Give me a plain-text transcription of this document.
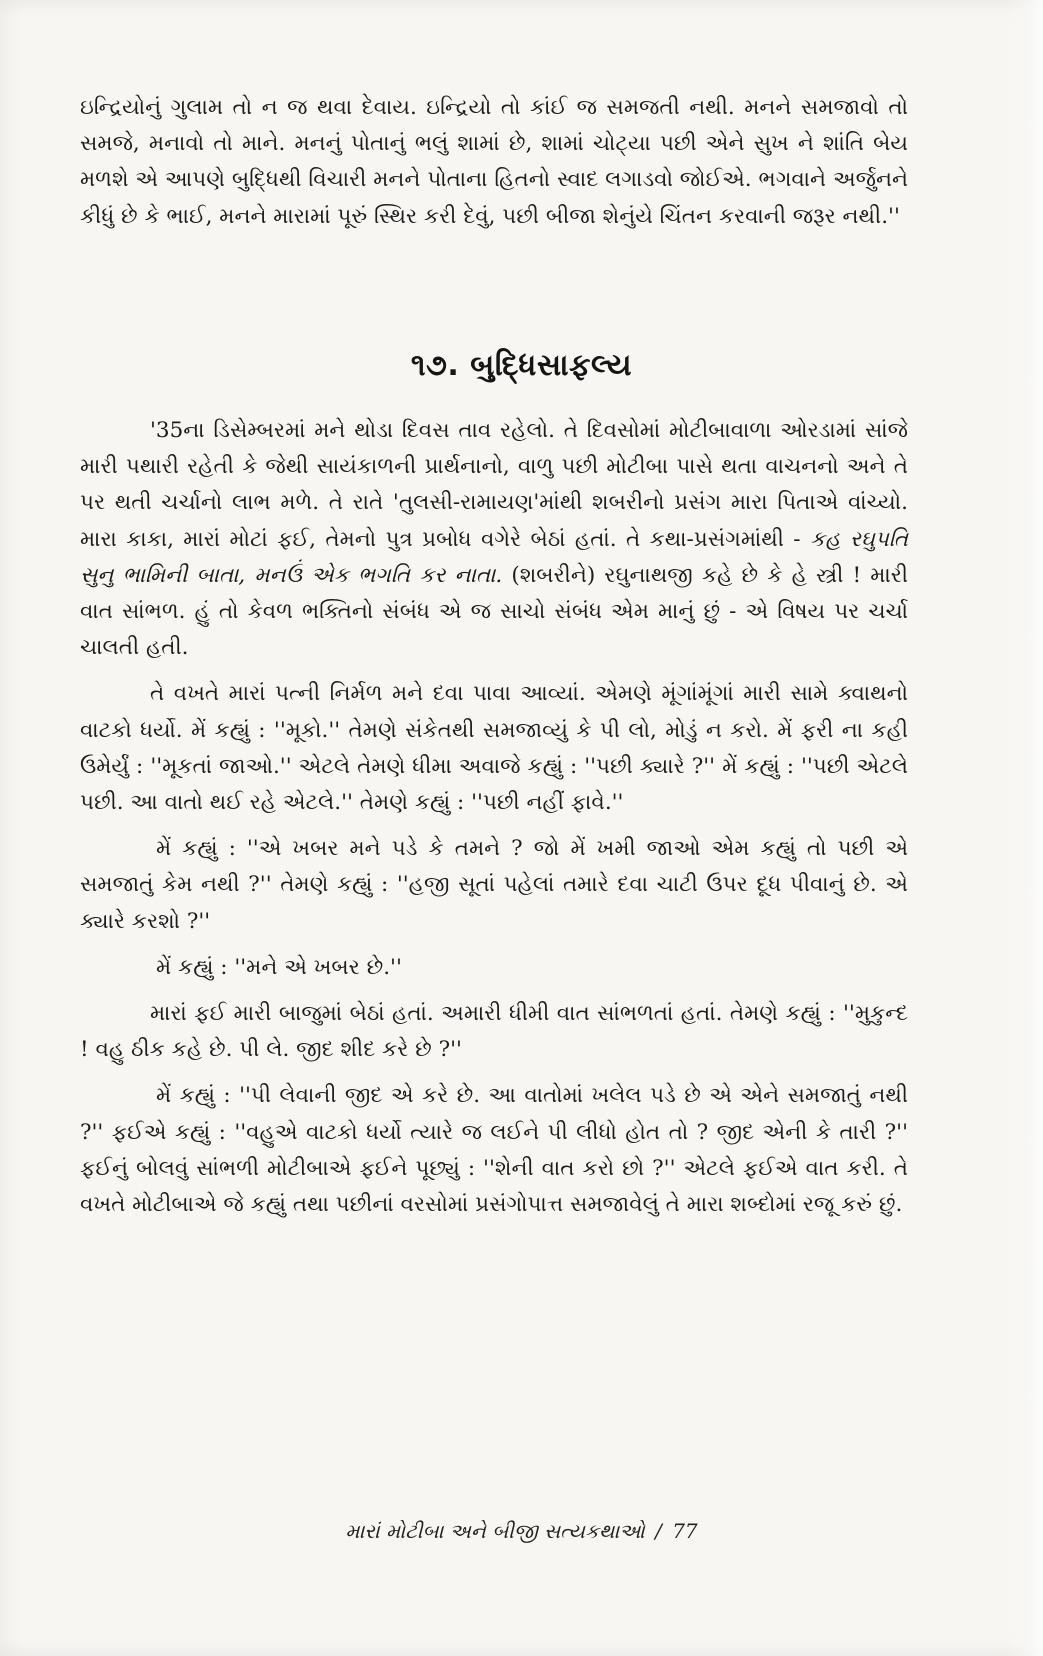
ઇન્દ્રિયોનું ગુલામ તો ન જ થવા દેવાય. ઇન્દ્રિયો તો કાંઈ જ સમજતી નથી. મનને સમજાવો તો સમજે, મનાવો તો માને. મનનું પોતાનું ભલું શામાં છે, શામાં ચોટ્યા પછી એને સુખ ને શાંતિ બેય મળશે એ આપણે બુદ્ધિથી વિચારી મનને પોતાના હિતનો સ્વાદ લગાડવો જોઈએ. ભગવાને અર્જુનને કીધું છે કે ભાઈ, મનને મારામાં પૂરું સ્થિર કરી દેવું, પછી બીજા શેનુંયે ચિંતન કરવાની જરૂર નથી.''

૧૭. બુદ્ધિસાફલ્ય

'35ના ડિસેમ્બરમાં મને થોડા દિવસ તાવ રહેલો. તે દિવસોમાં મોટીબાવાળા ઓરડામાં સાંજે મારી પથારી રહેતી કે જેથી સાયંકાળની પ્રાર્થનાનો, વાળુ પછી મોટીબા પાસે થતા વાચનનો અને તે પર થતી ચર્ચાનો લાભ મળે. તે રાતે 'તુલસી-રામાયણ'માંથી શબરીનો પ્રસંગ મારા પિતાએ વાંચ્યો. મારા કાકા, મારાં મોટાં ફઈ, તેમનો પુત્ર પ્રબોધ વગેરે બેઠાં હતાં. તે કથા-પ્રસંગમાંથી - કહ રઘુપતિ સુનુ ભામિની બાતા, મનઉં એક ભગતિ કર નાતા. (શબરીને) રઘુનાથજી કહે છે કે હે સ્ત્રી ! મારી વાત સાંભળ. હું તો કેવળ ભક્તિનો સંબંધ એ જ સાચો સંબંધ એમ માનું છું - એ વિષય પર ચર્ચા ચાલતી હતી.

તે વખતે મારાં પત્ની નિર્મળ મને દવા પાવા આવ્યાં. એમણે મૂંગાંમૂંગાં મારી સામે ક્વાથનો વાટકો ધર્યો. મેં કહ્યું : ''મૂકો.'' તેમણે સંકેતથી સમજાવ્યું કે પી લો, મોડું ન કરો. મેં ફરી ના કહી ઉમેર્યું : ''મૂકતાં જાઓ.'' એટલે તેમણે ધીમા અવાજે કહ્યું : ''પછી ક્યારે ?'' મેં કહ્યું : ''પછી એટલે પછી. આ વાતો થઈ રહે એટલે.'' તેમણે કહ્યું : ''પછી નહીં ફાવે.''

મેં કહ્યું : ''એ ખબર મને પડે કે તમને ? જો મેં ખમી જાઓ એમ કહ્યું તો પછી એ સમજાતું કેમ નથી ?'' તેમણે કહ્યું : ''હજી સૂતાં પહેલાં તમારે દવા ચાટી ઉપર દૂધ પીવાનું છે. એ ક્યારે કરશો ?''

મેં કહ્યું : ''મને એ ખબર છે.''

મારાં ફઈ મારી બાજુમાં બેઠાં હતાં. અમારી ધીમી વાત સાંભળતાં હતાં. તેમણે કહ્યું : ''મુકુન્દ ! વહુ ઠીક કહે છે. પી લે. જીદ શીદ કરે છે ?''

મેં કહ્યું : ''પી લેવાની જીદ એ કરે છે. આ વાતોમાં ખલેલ પડે છે એ એને સમજાતું નથી ?'' ફઈએ કહ્યું : ''વહુએ વાટકો ધર્યો ત્યારે જ લઈને પી લીધો હોત તો ? જીદ એની કે તારી ?'' ફઈનું બોલવું સાંભળી મોટીબાએ ફઈને પૂછ્યું : ''શેની વાત કરો છો ?'' એટલે ફઈએ વાત કરી. તે વખતે મોટીબાએ જે કહ્યું તથા પછીનાં વરસોમાં પ્રસંગોપાત્ત સમજાવેલું તે મારા શબ્દોમાં રજૂ કરું છું.

મારાં મોટીબા અને બીજી સત્યકથાઓ / 77
